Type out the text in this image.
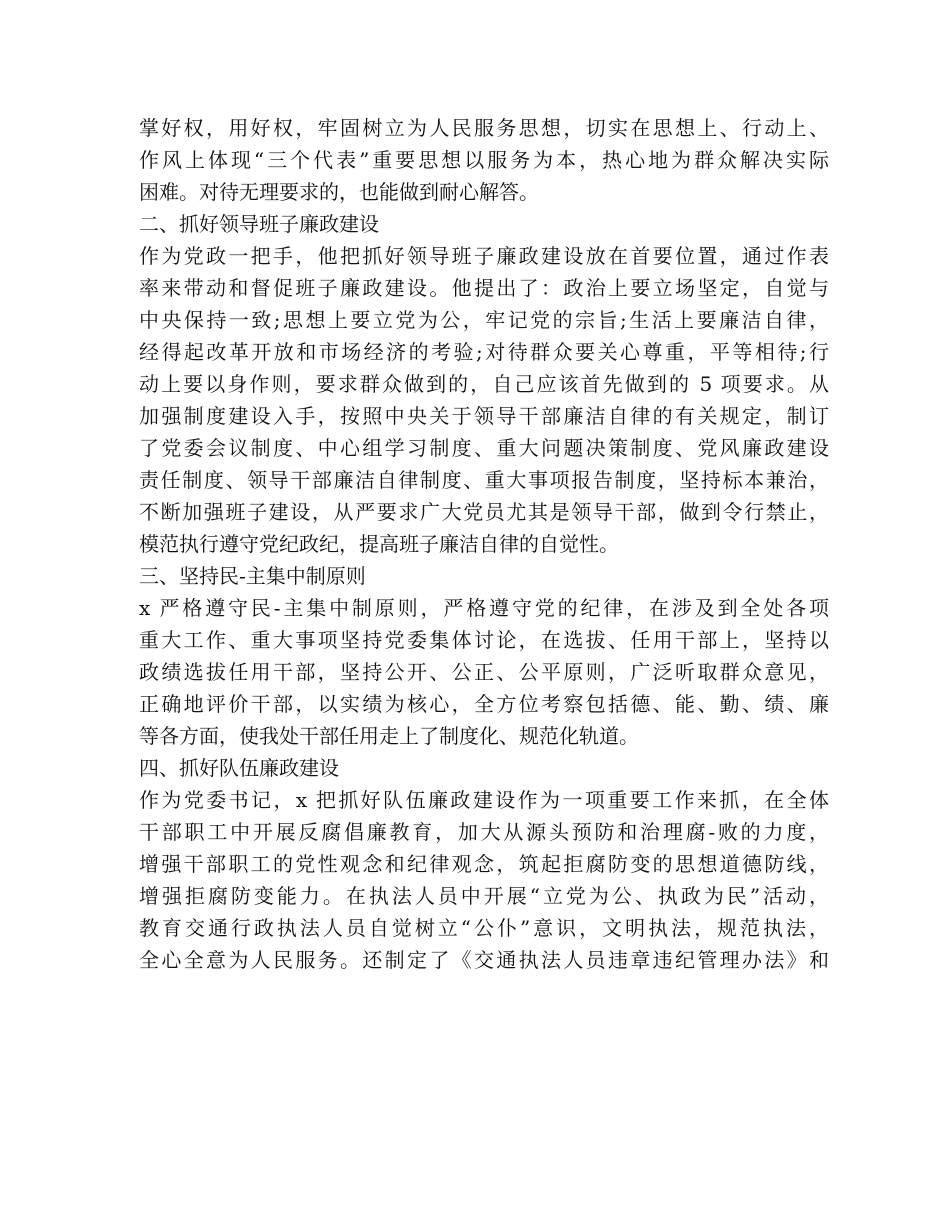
掌好权，用好权，牢固树立为人民服务思想，切实在思想上、行动上、
作风上体现“三个代表”重要思想以服务为本，热心地为群众解决实际
困难。对待无理要求的，也能做到耐心解答。
二、抓好领导班子廉政建设
作为党政一把手，他把抓好领导班子廉政建设放在首要位置，通过作表
率来带动和督促班子廉政建设。他提出了：政治上要立场坚定，自觉与
中央保持一致;思想上要立党为公，牢记党的宗旨;生活上要廉洁自律，
经得起改革开放和市场经济的考验;对待群众要关心尊重，平等相待;行
动上要以身作则，要求群众做到的，自己应该首先做到的 5 项要求。从
加强制度建设入手，按照中央关于领导干部廉洁自律的有关规定，制订
了党委会议制度、中心组学习制度、重大问题决策制度、党风廉政建设
责任制度、领导干部廉洁自律制度、重大事项报告制度，坚持标本兼治，
不断加强班子建设，从严要求广大党员尤其是领导干部，做到令行禁止，
模范执行遵守党纪政纪，提高班子廉洁自律的自觉性。
三、坚持民-主集中制原则
x 严格遵守民-主集中制原则，严格遵守党的纪律，在涉及到全处各项
重大工作、重大事项坚持党委集体讨论，在选拔、任用干部上，坚持以
政绩选拔任用干部，坚持公开、公正、公平原则，广泛听取群众意见，
正确地评价干部，以实绩为核心，全方位考察包括德、能、勤、绩、廉
等各方面，使我处干部任用走上了制度化、规范化轨道。
四、抓好队伍廉政建设
作为党委书记，x 把抓好队伍廉政建设作为一项重要工作来抓，在全体
干部职工中开展反腐倡廉教育，加大从源头预防和治理腐-败的力度，
增强干部职工的党性观念和纪律观念，筑起拒腐防变的思想道德防线，
增强拒腐防变能力。在执法人员中开展“立党为公、执政为民”活动，
教育交通行政执法人员自觉树立“公仆”意识，文明执法，规范执法，
全心全意为人民服务。还制定了《交通执法人员违章违纪管理办法》和
